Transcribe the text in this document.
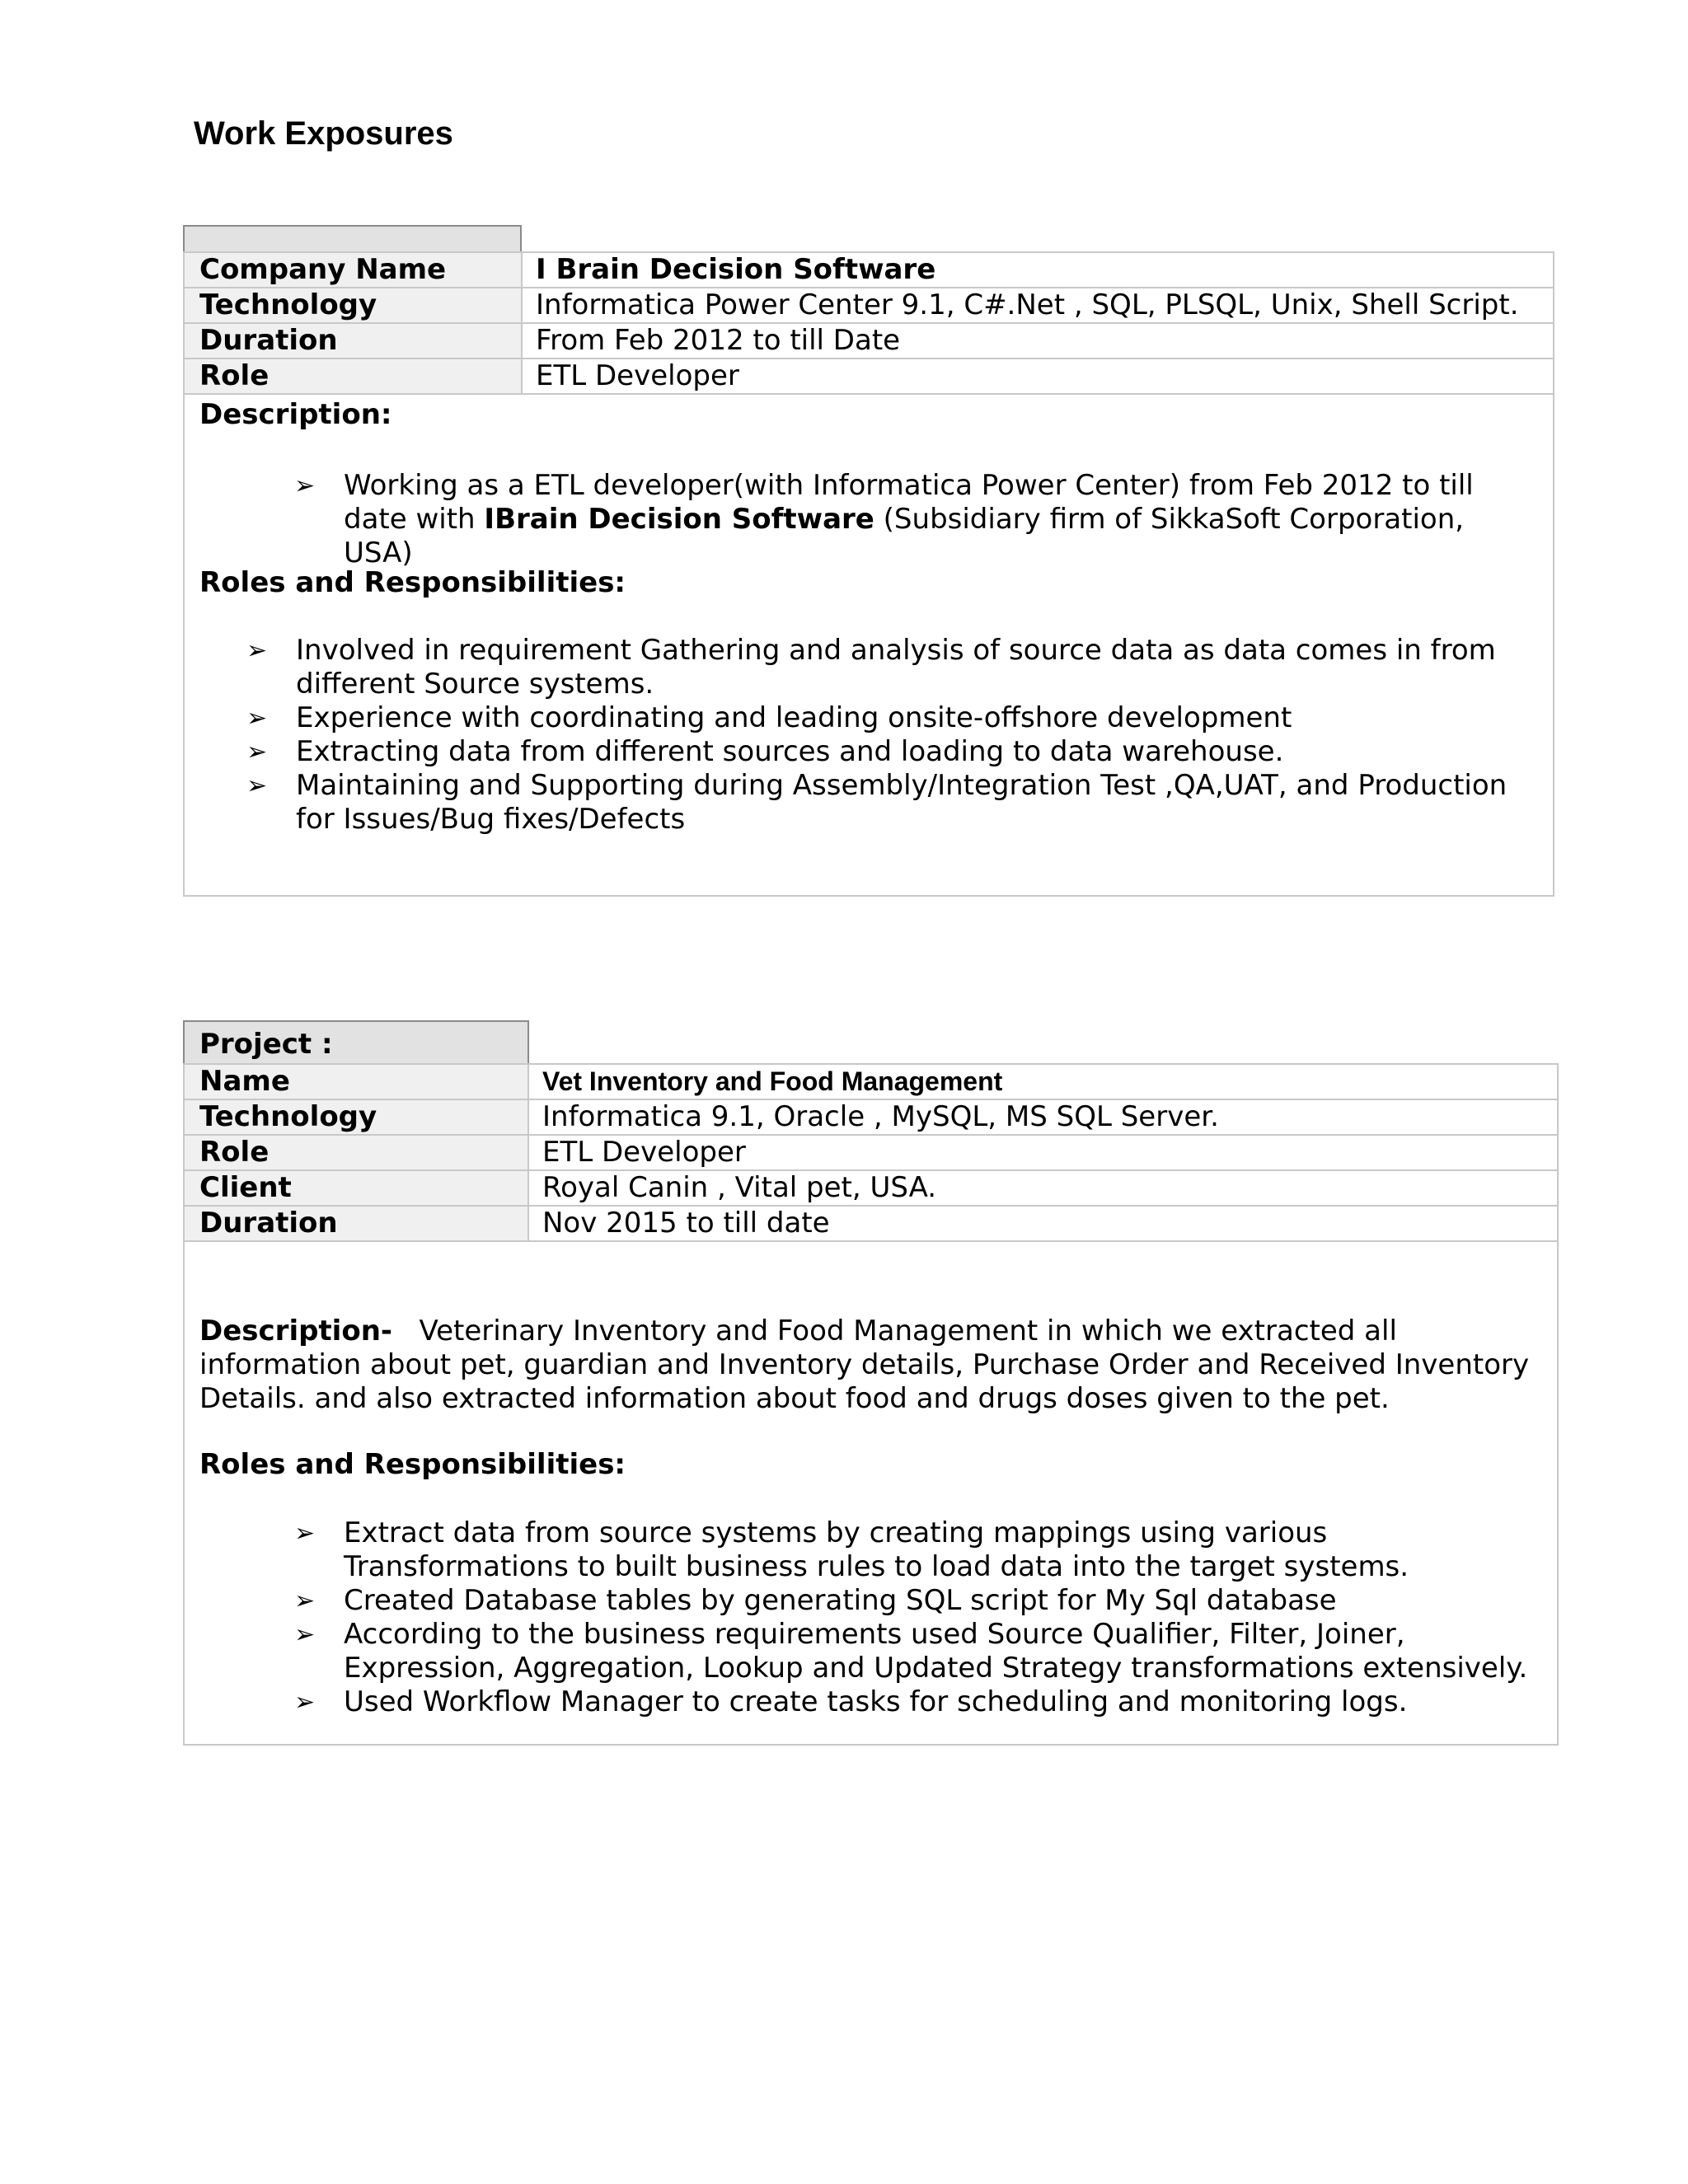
Work Exposures
Company Name	I Brain Decision Software
Technology	Informatica Power Center 9.1, C#.Net , SQL, PLSQL, Unix, Shell Script.
Duration	From Feb 2012 to till Date
Role	ETL Developer
Description:
➢ Working as a ETL developer(with Informatica Power Center) from Feb 2012 to till date with IBrain Decision Software (Subsidiary firm of SikkaSoft Corporation, USA)
Roles and Responsibilities:
➢ Involved in requirement Gathering and analysis of source data as data comes in from different Source systems.
➢ Experience with coordinating and leading onsite-offshore development
➢ Extracting data from different sources and loading to data warehouse.
➢ Maintaining and Supporting during Assembly/Integration Test ,QA,UAT, and Production for Issues/Bug fixes/Defects
Project :
Name	Vet Inventory and Food Management
Technology	Informatica 9.1, Oracle , MySQL, MS SQL Server.
Role	ETL Developer
Client	Royal Canin , Vital pet, USA.
Duration	Nov 2015 to till date

Description- Veterinary Inventory and Food Management in which we extracted all information about pet, guardian and Inventory details, Purchase Order and Received Inventory Details. and also extracted information about food and drugs doses given to the pet.

Roles and Responsibilities:
➢ Extract data from source systems by creating mappings using various Transformations to built business rules to load data into the target systems.
➢ Created Database tables by generating SQL script for My Sql database
➢ According to the business requirements used Source Qualifier, Filter, Joiner, Expression, Aggregation, Lookup and Updated Strategy transformations extensively.
➢ Used Workflow Manager to create tasks for scheduling and monitoring logs.
